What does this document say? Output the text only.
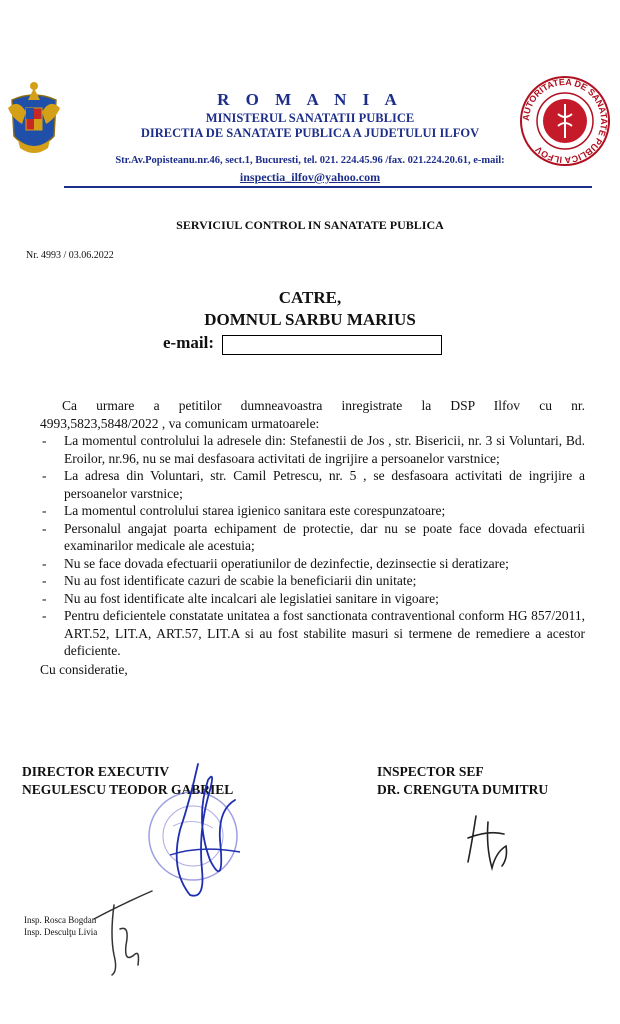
R O M A N I A
MINISTERUL SANATATII PUBLICE
DIRECTIA DE SANATATE PUBLICA A JUDETULUI ILFOV
AUTORITATEA DE SANATATE PUBLICA ILFOV
Str.Av.Popisteanu.nr.46, sect.1, Bucuresti, tel. 021. 224.45.96 /fax. 021.224.20.61, e-mail:
inspectia_ilfov@yahoo.com
SERVICIUL CONTROL IN SANATATE PUBLICA
Nr. 4993 / 03.06.2022
CATRE,
DOMNUL SARBU MARIUS
e-mail:
Ca urmare a petitilor dumneavoastra inregistrate la DSP Ilfov cu nr.
4993,5823,5848/2022 , va comunicam urmatoarele:
- La momentul controlului la adresele din: Stefanestii de Jos , str. Bisericii, nr. 3 si Voluntari, Bd. Eroilor, nr.96, nu se mai desfasoara activitati de ingrijire a persoanelor varstnice;
- La adresa din Voluntari, str. Camil Petrescu, nr. 5 , se desfasoara activitati de ingrijire a persoanelor varstnice;
- La momentul controlului starea igienico sanitara este corespunzatoare;
- Personalul angajat poarta echipament de protectie, dar nu se poate face dovada efectuarii examinarilor medicale ale acestuia;
- Nu se face dovada efectuarii operatiunilor de dezinfectie, dezinsectie si deratizare;
- Nu au fost identificate cazuri de scabie la beneficiarii din unitate;
- Nu au fost identificate alte incalcari ale legislatiei sanitare in vigoare;
- Pentru deficientele constatate unitatea a fost sanctionata contraventional conform HG 857/2011, ART.52, LIT.A, ART.57, LIT.A si au fost stabilite masuri si termene de remediere a acestor deficiente.
Cu consideratie,
DIRECTOR EXECUTIV
NEGULESCU TEODOR GABRIEL
INSPECTOR SEF
DR. CRENGUTA DUMITRU
Insp. Rosca Bogdan
Insp. Desculţu Livia
